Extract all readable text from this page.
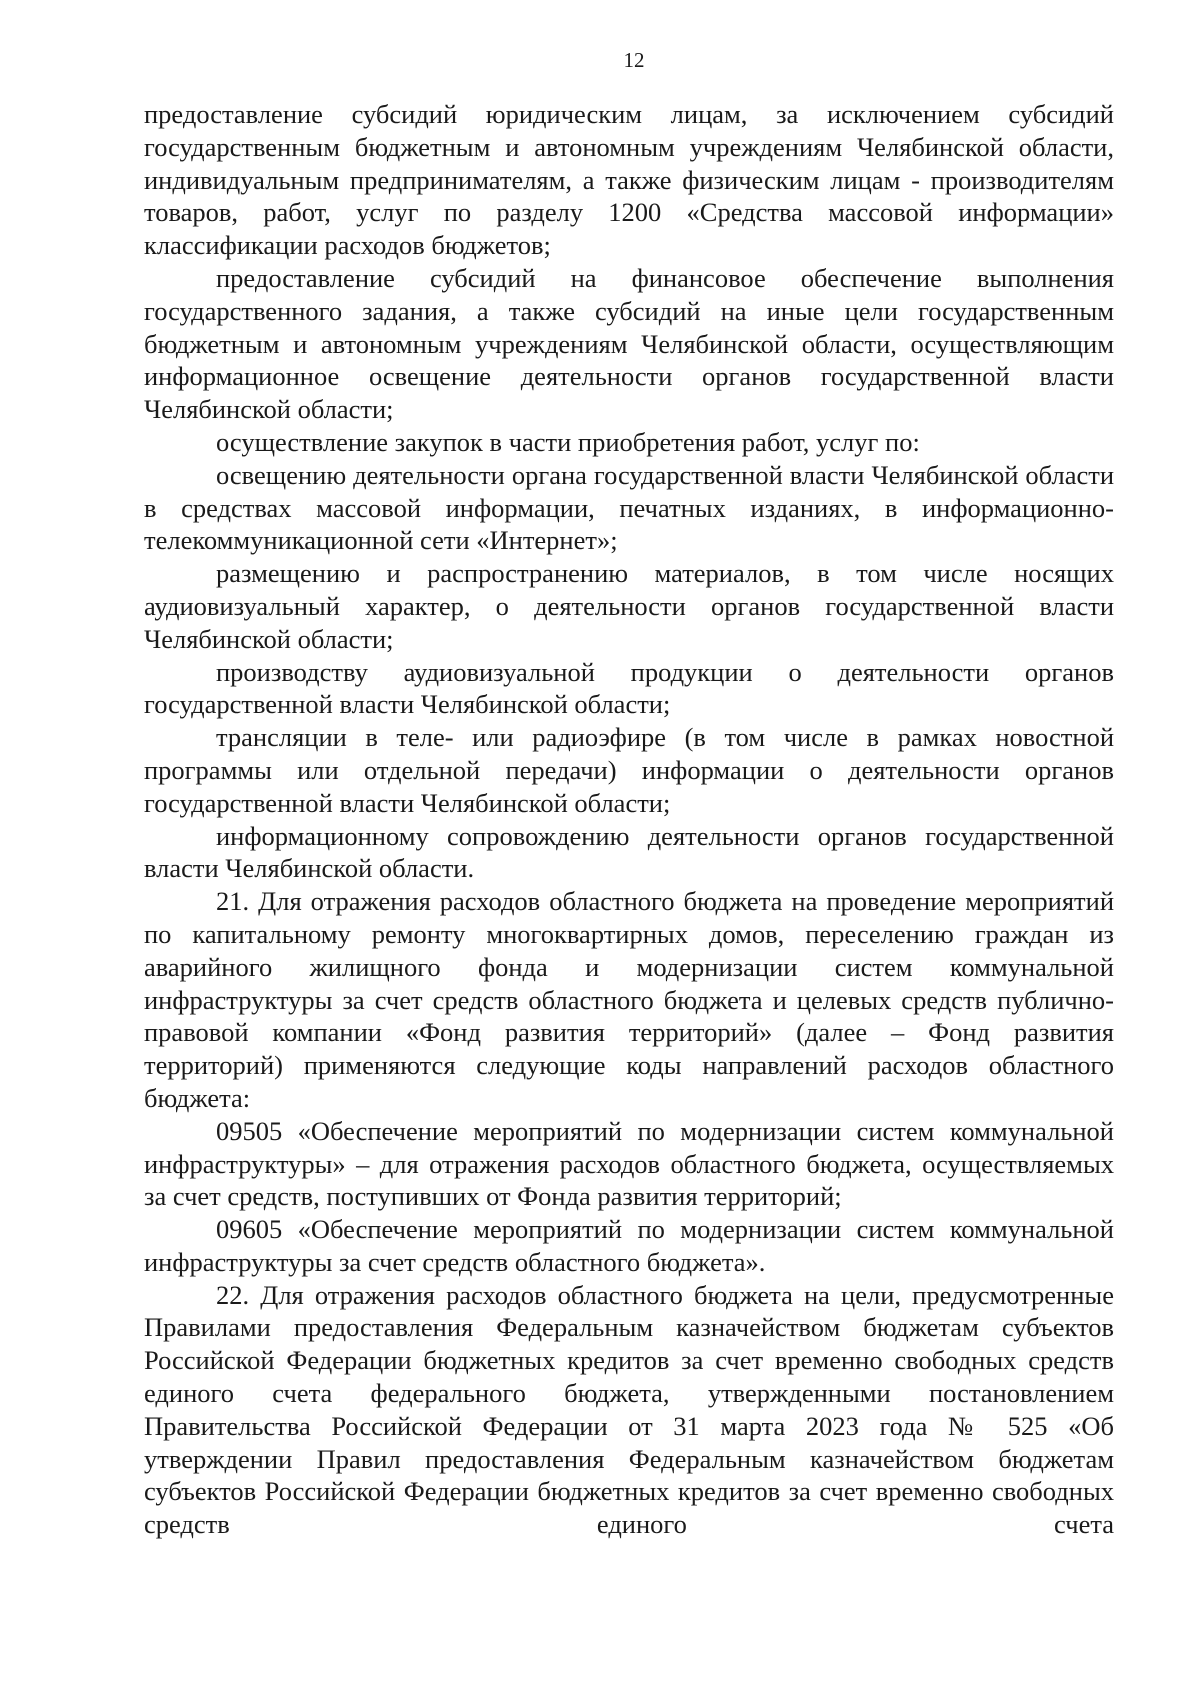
12

предоставление субсидий юридическим лицам, за исключением субсидий государственным бюджетным и автономным учреждениям Челябинской области, индивидуальным предпринимателям, а также физическим лицам - производителям товаров, работ, услуг по разделу 1200 «Средства массовой информации» классификации расходов бюджетов;

предоставление субсидий на финансовое обеспечение выполнения государственного задания, а также субсидий на иные цели государственным бюджетным и автономным учреждениям Челябинской области, осуществляющим информационное освещение деятельности органов государственной власти Челябинской области;

осуществление закупок в части приобретения работ, услуг по:

освещению деятельности органа государственной власти Челябинской области в средствах массовой информации, печатных изданиях, в информационно-телекоммуникационной сети «Интернет»;

размещению и распространению материалов, в том числе носящих аудиовизуальный характер, о деятельности органов государственной власти Челябинской области;

производству аудиовизуальной продукции о деятельности органов государственной власти Челябинской области;

трансляции в теле- или радиоэфире (в том числе в рамках новостной программы или отдельной передачи) информации о деятельности органов государственной власти Челябинской области;

информационному сопровождению деятельности органов государственной власти Челябинской области.

21. Для отражения расходов областного бюджета на проведение мероприятий по капитальному ремонту многоквартирных домов, переселению граждан из аварийного жилищного фонда и модернизации систем коммунальной инфраструктуры за счет средств областного бюджета и целевых средств публично-правовой компании «Фонд развития территорий» (далее – Фонд развития территорий) применяются следующие коды направлений расходов областного бюджета:

09505 «Обеспечение мероприятий по модернизации систем коммунальной инфраструктуры» – для отражения расходов областного бюджета, осуществляемых за счет средств, поступивших от Фонда развития территорий;

09605 «Обеспечение мероприятий по модернизации систем коммунальной инфраструктуры за счет средств областного бюджета».

22. Для отражения расходов областного бюджета на цели, предусмотренные Правилами предоставления Федеральным казначейством бюджетам субъектов Российской Федерации бюджетных кредитов за счет временно свободных средств единого счета федерального бюджета, утвержденными постановлением Правительства Российской Федерации от 31 марта 2023 года № 525 «Об утверждении Правил предоставления Федеральным казначейством бюджетам субъектов Российской Федерации бюджетных кредитов за счет временно свободных средств единого счета
